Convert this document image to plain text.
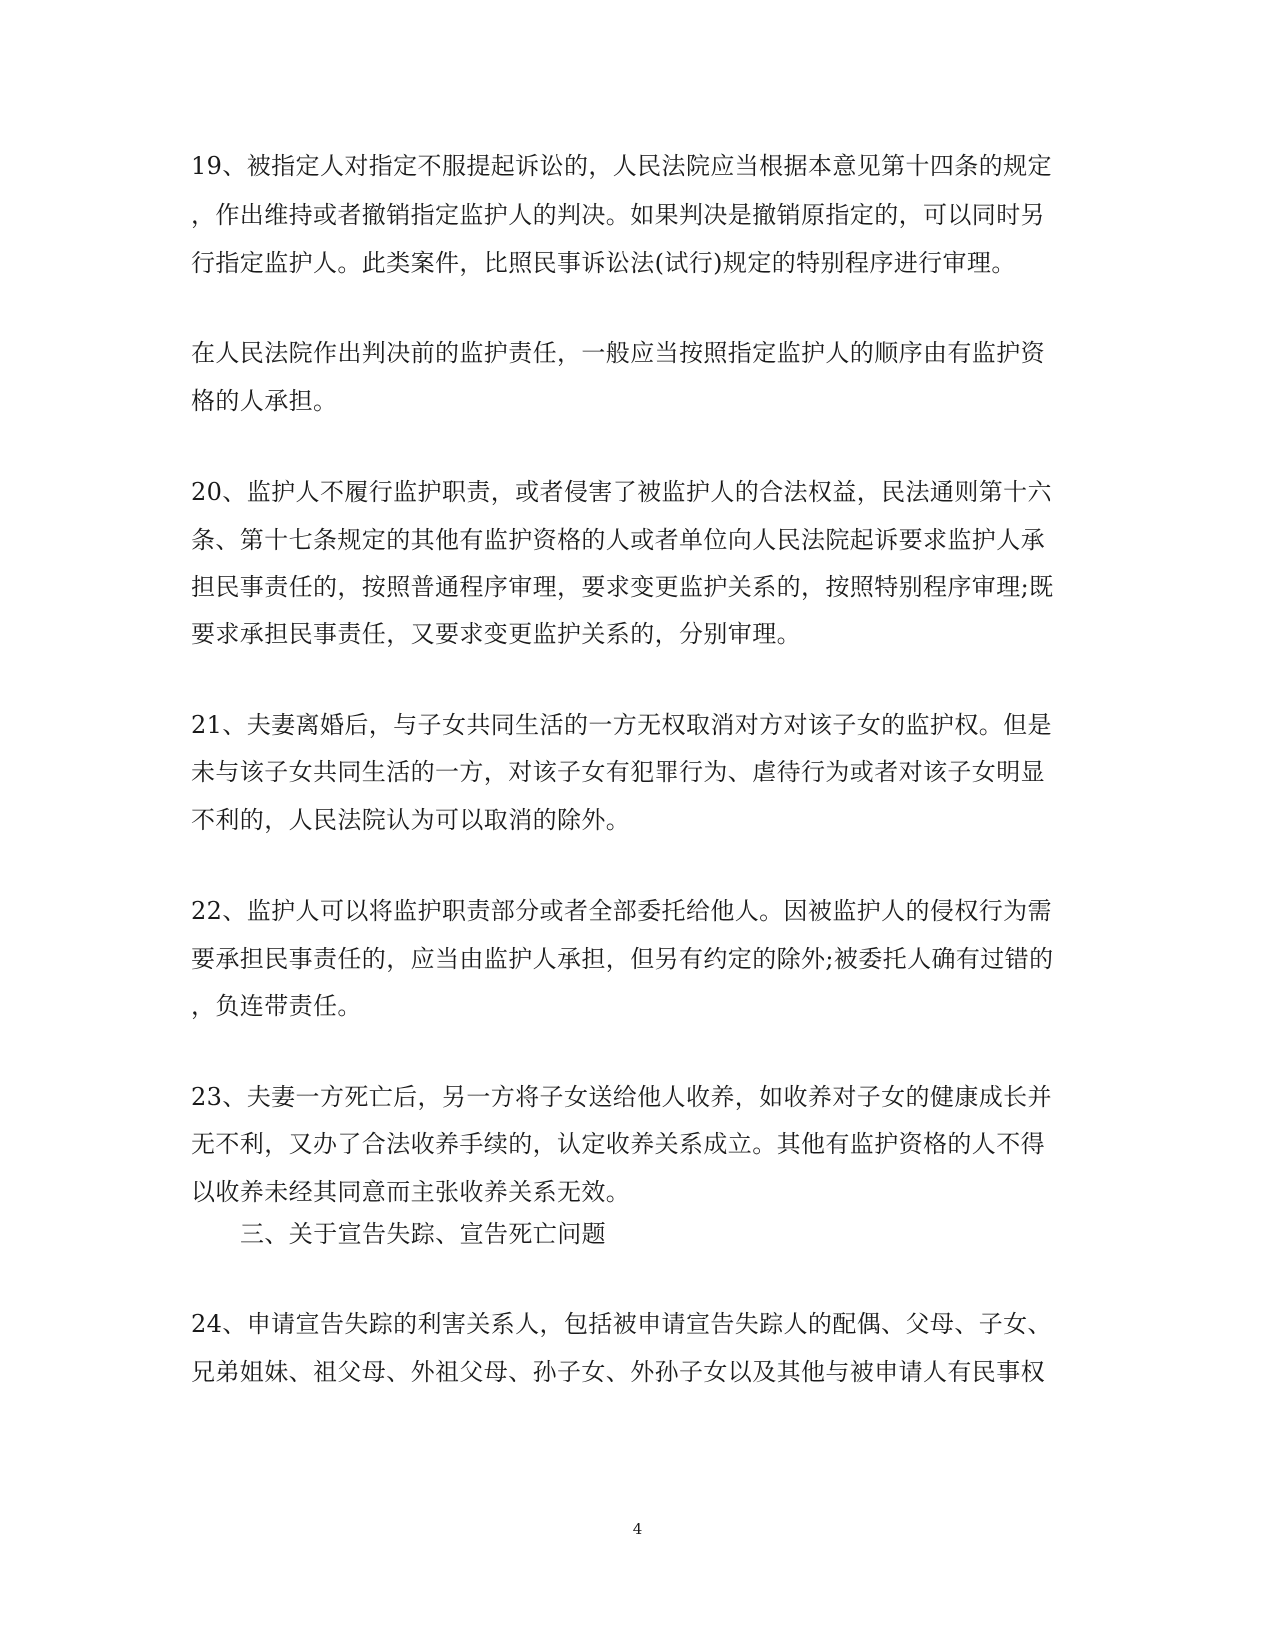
19、被指定人对指定不服提起诉讼的，人民法院应当根据本意见第十四条的规定
，作出维持或者撤销指定监护人的判决。如果判决是撤销原指定的，可以同时另
行指定监护人。此类案件，比照民事诉讼法(试行)规定的特别程序进行审理。
在人民法院作出判决前的监护责任，一般应当按照指定监护人的顺序由有监护资
格的人承担。
20、监护人不履行监护职责，或者侵害了被监护人的合法权益，民法通则第十六
条、第十七条规定的其他有监护资格的人或者单位向人民法院起诉要求监护人承
担民事责任的，按照普通程序审理，要求变更监护关系的，按照特别程序审理;既
要求承担民事责任，又要求变更监护关系的，分别审理。
21、夫妻离婚后，与子女共同生活的一方无权取消对方对该子女的监护权。但是
未与该子女共同生活的一方，对该子女有犯罪行为、虐待行为或者对该子女明显
不利的，人民法院认为可以取消的除外。
22、监护人可以将监护职责部分或者全部委托给他人。因被监护人的侵权行为需
要承担民事责任的，应当由监护人承担，但另有约定的除外;被委托人确有过错的
，负连带责任。
23、夫妻一方死亡后，另一方将子女送给他人收养，如收养对子女的健康成长并
无不利，又办了合法收养手续的，认定收养关系成立。其他有监护资格的人不得
以收养未经其同意而主张收养关系无效。
三、关于宣告失踪、宣告死亡问题
24、申请宣告失踪的利害关系人，包括被申请宣告失踪人的配偶、父母、子女、
兄弟姐妹、祖父母、外祖父母、孙子女、外孙子女以及其他与被申请人有民事权
4
